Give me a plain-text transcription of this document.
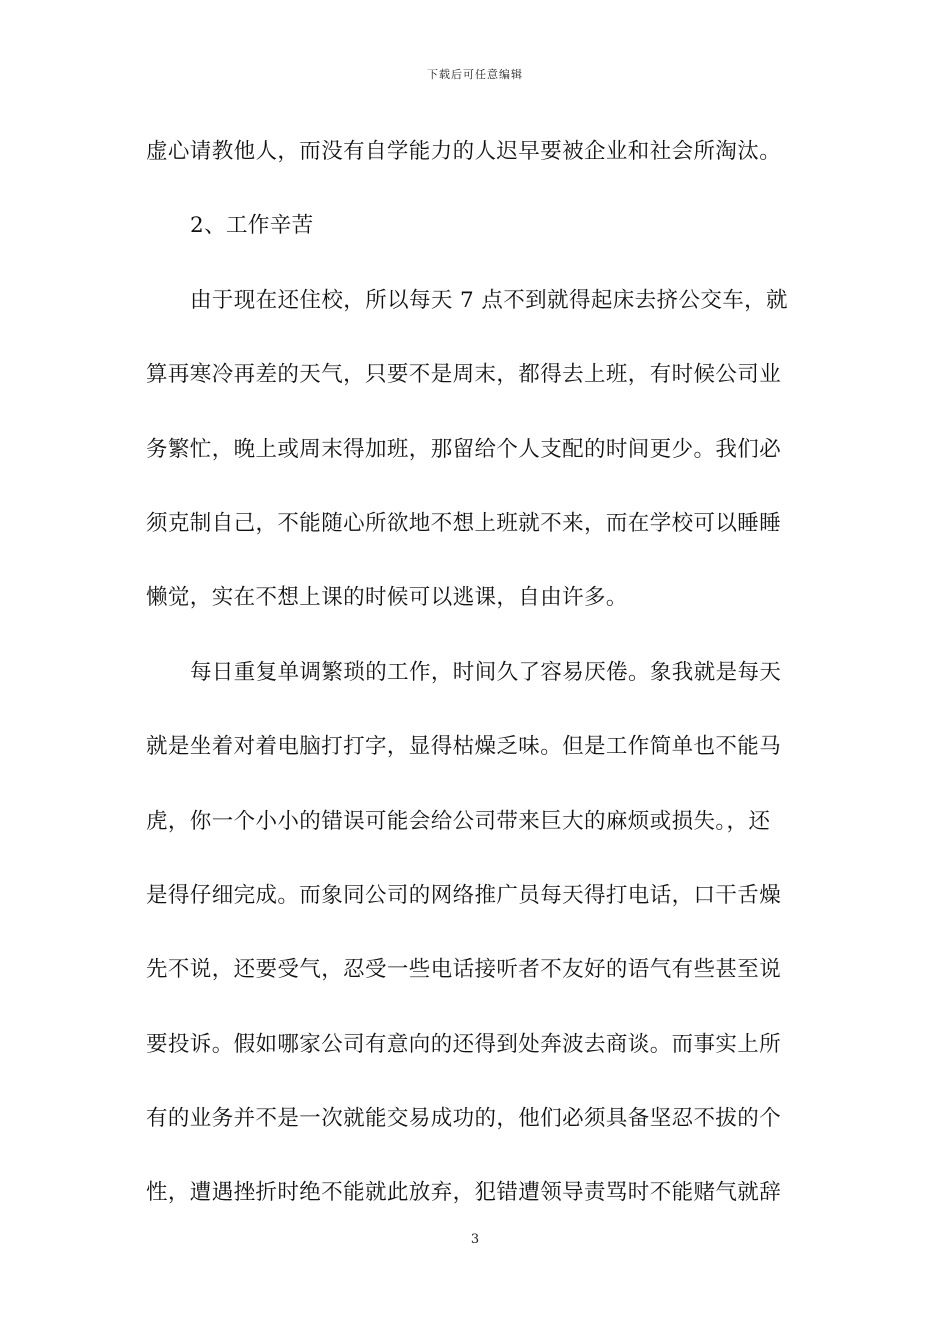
下载后可任意编辑
虚心请教他人，而没有自学能力的人迟早要被企业和社会所淘汰。
2、工作辛苦
由于现在还住校，所以每天 7 点不到就得起床去挤公交车，就
算再寒冷再差的天气，只要不是周末，都得去上班，有时候公司业
务繁忙，晚上或周末得加班，那留给个人支配的时间更少。我们必
须克制自己，不能随心所欲地不想上班就不来，而在学校可以睡睡
懒觉，实在不想上课的时候可以逃课，自由许多。
每日重复单调繁琐的工作，时间久了容易厌倦。象我就是每天
就是坐着对着电脑打打字，显得枯燥乏味。但是工作简单也不能马
虎，你一个小小的错误可能会给公司带来巨大的麻烦或损失。，还
是得仔细完成。而象同公司的网络推广员每天得打电话，口干舌燥
先不说，还要受气，忍受一些电话接听者不友好的语气有些甚至说
要投诉。假如哪家公司有意向的还得到处奔波去商谈。而事实上所
有的业务并不是一次就能交易成功的，他们必须具备坚忍不拔的个
性，遭遇挫折时绝不能就此放弃，犯错遭领导责骂时不能赌气就辞
3
